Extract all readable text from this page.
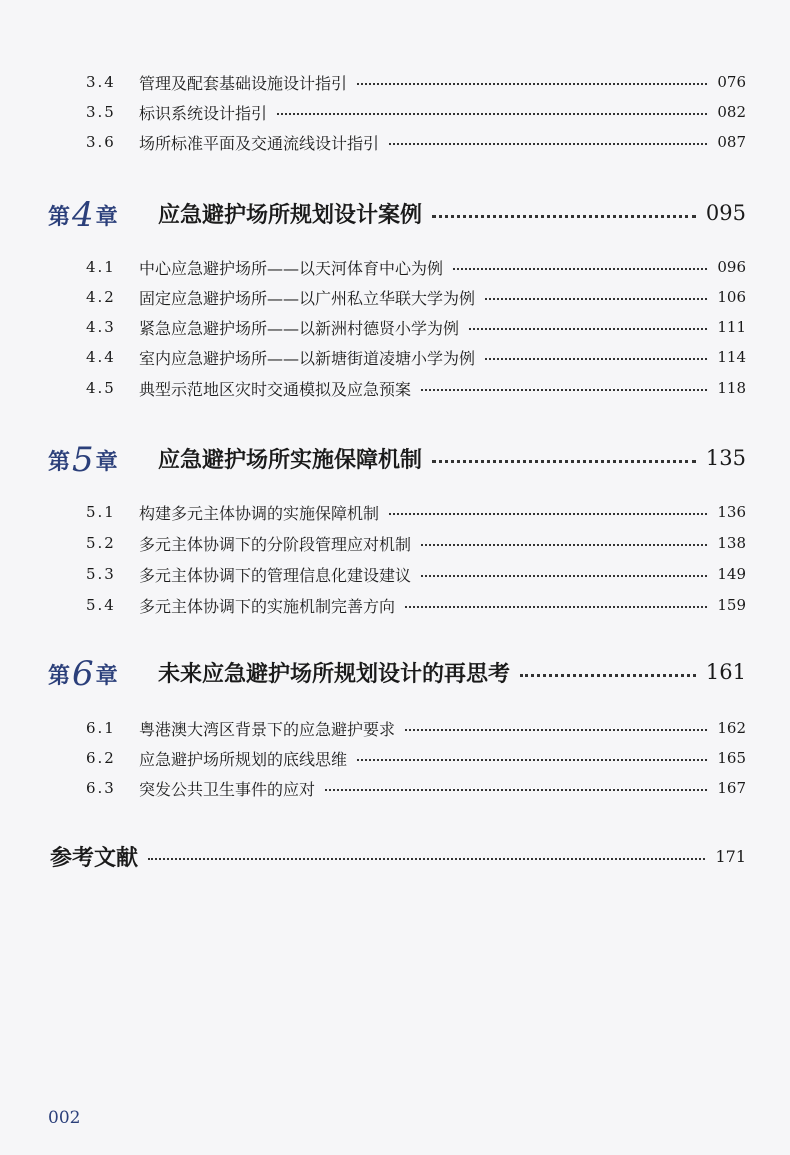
3.4	管理及配套基础设施设计指引	076
3.5	标识系统设计指引	082
3.6	场所标准平面及交通流线设计指引	087
第4章 应急避护场所规划设计案例	095
4.1	中心应急避护场所——以天河体育中心为例	096
4.2	固定应急避护场所——以广州私立华联大学为例	106
4.3	紧急应急避护场所——以新洲村德贤小学为例	111
4.4	室内应急避护场所——以新塘街道凌塘小学为例	114
4.5	典型示范地区灾时交通模拟及应急预案	118
第5章 应急避护场所实施保障机制	135
5.1	构建多元主体协调的实施保障机制	136
5.2	多元主体协调下的分阶段管理应对机制	138
5.3	多元主体协调下的管理信息化建设建议	149
5.4	多元主体协调下的实施机制完善方向	159
第6章 未来应急避护场所规划设计的再思考	161
6.1	粤港澳大湾区背景下的应急避护要求	162
6.2	应急避护场所规划的底线思维	165
6.3	突发公共卫生事件的应对	167
参考文献	171
002
